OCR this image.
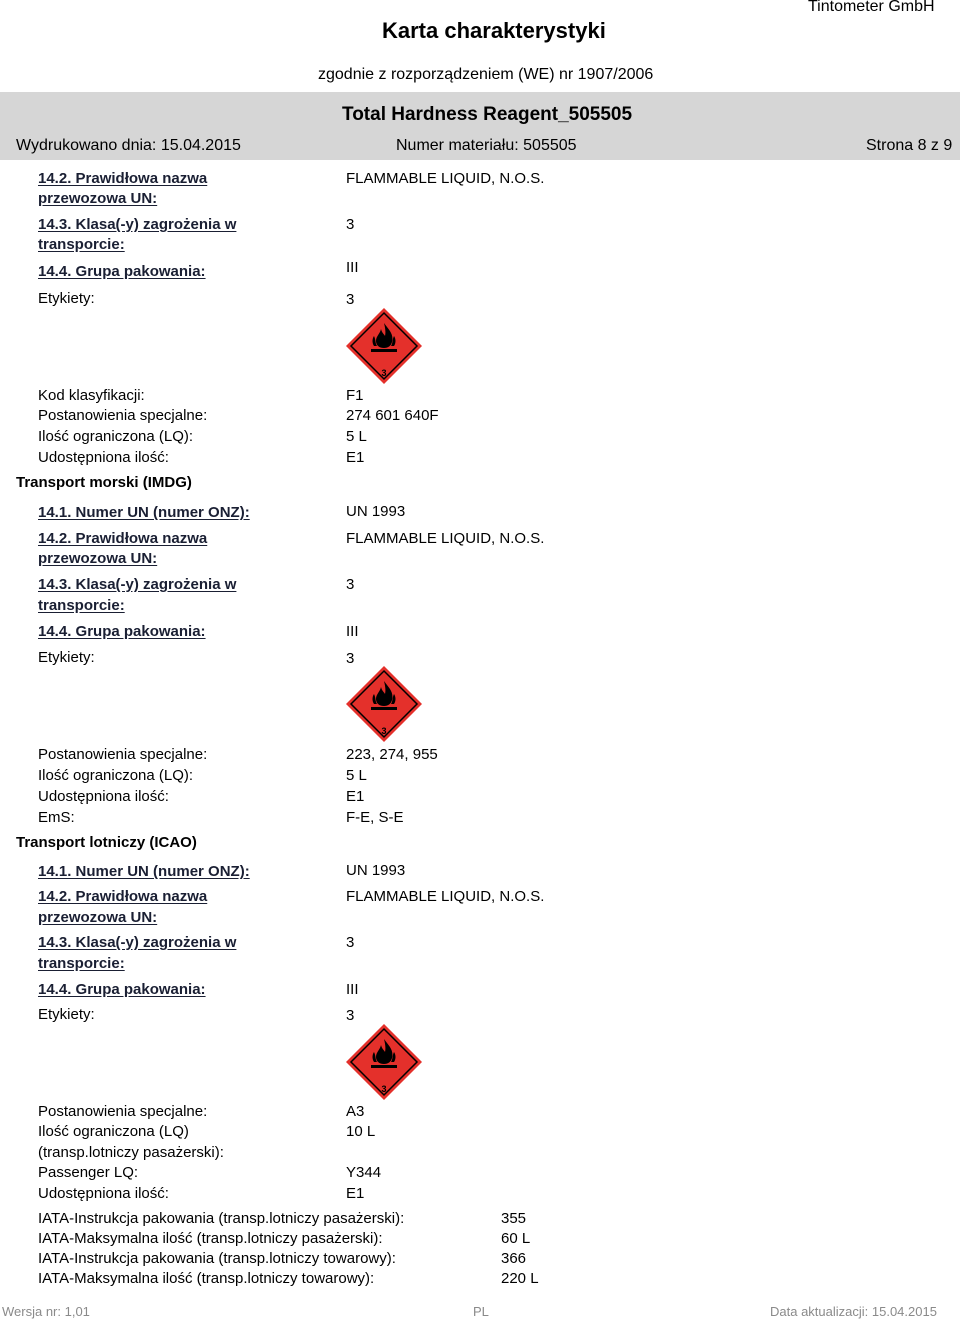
Tintometer GmbH
Karta charakterystyki
zgodnie z rozporządzeniem (WE) nr 1907/2006
Total Hardness Reagent_505505
Wydrukowano dnia: 15.04.2015	Numer materiału: 505505	Strona 8 z 9
14.2. Prawidłowa nazwa
przewozowa UN:
FLAMMABLE LIQUID, N.O.S.
14.3. Klasa(-y) zagrożenia w
transporcie:
3
14.4. Grupa pakowania:	III
Etykiety:	3
3
Kod klasyfikacji:	F1
Postanowienia specjalne:	274 601 640F
Ilość ograniczona (LQ):	5 L
Udostępniona ilość:	E1
Transport morski (IMDG)
14.1. Numer UN (numer ONZ):	UN 1993
14.2. Prawidłowa nazwa
przewozowa UN:
FLAMMABLE LIQUID, N.O.S.
14.3. Klasa(-y) zagrożenia w
transporcie:
3
14.4. Grupa pakowania:	III
Etykiety:	3
3
Postanowienia specjalne:	223, 274, 955
Ilość ograniczona (LQ):	5 L
Udostępniona ilość:	E1
EmS:	F-E, S-E
Transport lotniczy (ICAO)
14.1. Numer UN (numer ONZ):	UN 1993
14.2. Prawidłowa nazwa
przewozowa UN:
FLAMMABLE LIQUID, N.O.S.
14.3. Klasa(-y) zagrożenia w
transporcie:
3
14.4. Grupa pakowania:	III
Etykiety:	3
3
Postanowienia specjalne:	A3
Ilość ograniczona (LQ)
(transp.lotniczy pasażerski):
10 L
Passenger LQ:	Y344
Udostępniona ilość:	E1
IATA-Instrukcja pakowania (transp.lotniczy pasażerski):	355
IATA-Maksymalna ilość (transp.lotniczy pasażerski):	60 L
IATA-Instrukcja pakowania (transp.lotniczy towarowy):	366
IATA-Maksymalna ilość (transp.lotniczy towarowy):	220 L
Wersja nr: 1,01	PL	Data aktualizacji: 15.04.2015
